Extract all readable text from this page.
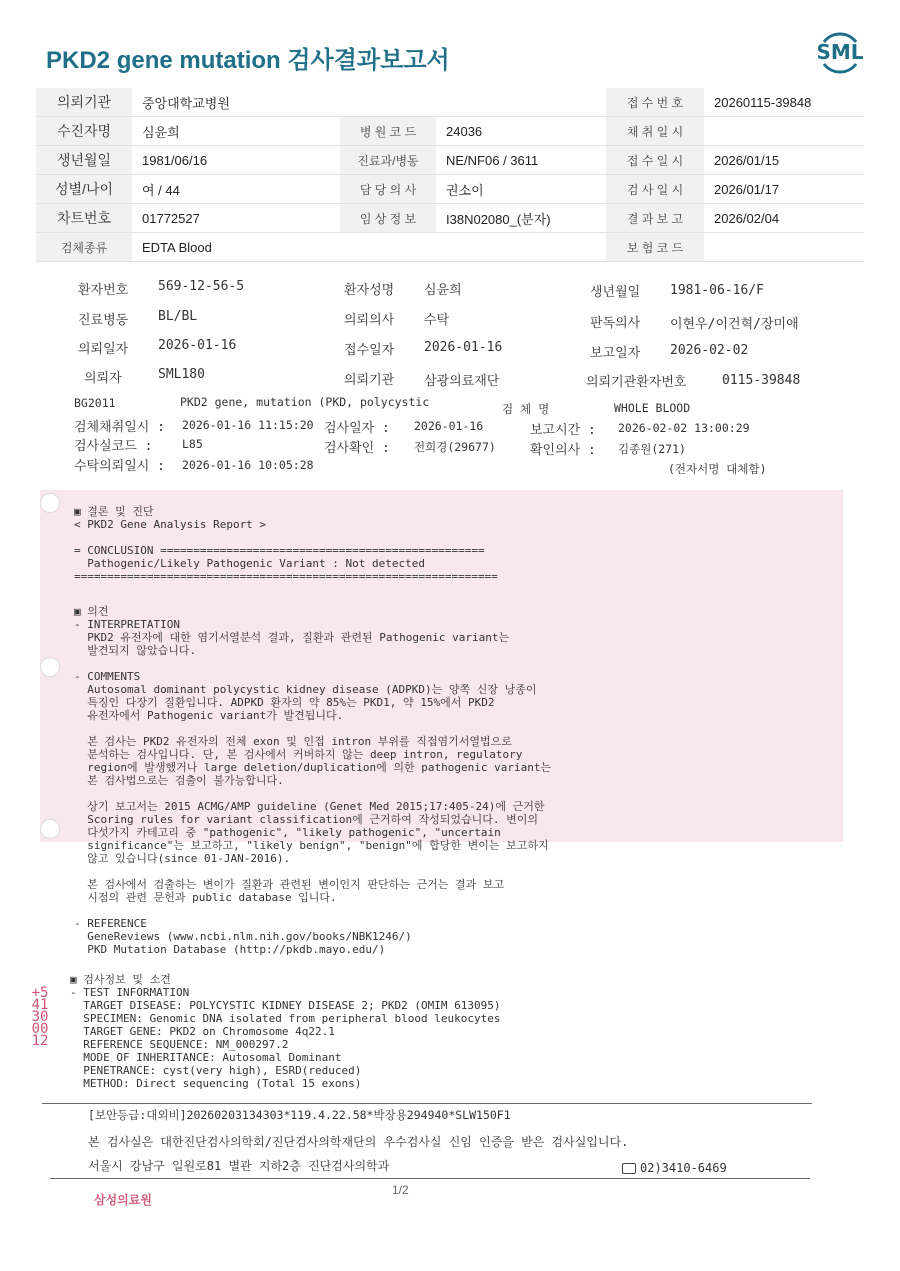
PKD2 gene mutation 검사결과보고서	SML
의뢰기관	중앙대학교병원			접 수 번 호	20260115-39848
수진자명	심윤희	병 원 코 드	24036	채 취 일 시	
생년월일	1981/06/16	진료과/병동	NE/NF06 / 3611	접 수 일 시	2026/01/15
성별/나이	여 / 44	담 당 의 사	권소이	검 사 일 시	2026/01/17
차트번호	01772527	임 상 정 보	I38N02080_(분자)	결 과 보 고	2026/02/04
검체종류	EDTA Blood			보 험 코 드	
환자번호 569-12-56-5	환자성명 심윤희	생년월일 1981-06-16/F
진료병동 BL/BL	의뢰의사 수탁	판독의사 이현우/이건혁/장미애
의뢰일자 2026-01-16	접수일자 2026-01-16	보고일자 2026-02-02
의뢰자	SML180	의뢰기관 삼광의료재단	의뢰기관환자번호	0115-39848
BG2011	PKD2 gene, mutation (PKD, polycystic	검 체 명	WHOLE BLOOD
검체채취일시 : 2026-01-16 11:15:20 검사일자 : 2026-01-16	보고시간 : 2026-02-02 13:00:29
검사실코드 :	L85	검사확인 : 전희경(29677)	확인의사 : 김종원(271)
수탁의뢰일시 : 2026-01-16 10:05:28	(전자서명 대체함)
▣ 결론 및 진단
< PKD2 Gene Analysis Report >

= CONCLUSION =================================================
Pathogenic/Likely Pathogenic Variant : Not detected
================================================================
▣ 의견
- INTERPRETATION
PKD2 유전자에 대한 염기서열분석 결과, 질환과 관련된 Pathogenic variant는
발견되지 않았습니다.

- COMMENTS
Autosomal dominant polycystic kidney disease (ADPKD)는 양쪽 신장 낭종이
특징인 다장기 질환입니다. ADPKD 환자의 약 85%는 PKD1, 약 15%에서 PKD2
유전자에서 Pathogenic variant가 발견됩니다.

본 검사는 PKD2 유전자의 전체 exon 및 인접 intron 부위를 직접염기서열법으로
분석하는 검사입니다. 단, 본 검사에서 커버하지 않는 deep intron, regulatory
region에 발생했거나 large deletion/duplication에 의한 pathogenic variant는
본 검사법으로는 검출이 불가능합니다.

상기 보고서는 2015 ACMG/AMP guideline (Genet Med 2015;17:405-24)에 근거한
Scoring rules for variant classification에 근거하여 작성되었습니다. 변이의
다섯가지 카테고리 중 "pathogenic", "likely pathogenic", "uncertain
significance"는 보고하고, "likely benign", "benign"에 합당한 변이는 보고하지
않고 있습니다(since 01-JAN-2016).

본 검사에서 검출하는 변이가 질환과 관련된 변이인지 판단하는 근거는 결과 보고
시점의 관련 문헌과 public database 입니다.

- REFERENCE
GeneReviews (www.ncbi.nlm.nih.gov/books/NBK1246/)
PKD Mutation Database (http://pkdb.mayo.edu/)
▣ 검사정보 및 소견
- TEST INFORMATION
TARGET DISEASE: POLYCYSTIC KIDNEY DISEASE 2; PKD2 (OMIM 613095)
SPECIMEN: Genomic DNA isolated from peripheral blood leukocytes
TARGET GENE: PKD2 on Chromosome 4q22.1
REFERENCE SEQUENCE: NM_000297.2
MODE OF INHERITANCE: Autosomal Dominant
PENETRANCE: cyst(very high), ESRD(reduced)
METHOD: Direct sequencing (Total 15 exons)
+541300012
[보안등급:대외비]20260203134303*119.4.22.58*박장용294940*SLW150F1
본 검사실은 대한진단검사의학회/진단검사의학재단의 우수검사실 신임 인증을 받은 검사실입니다.
서울시 강남구 일원로81 별관 지하2층 진단검사의학과	02)3410-6469
삼성의료원
1/2
